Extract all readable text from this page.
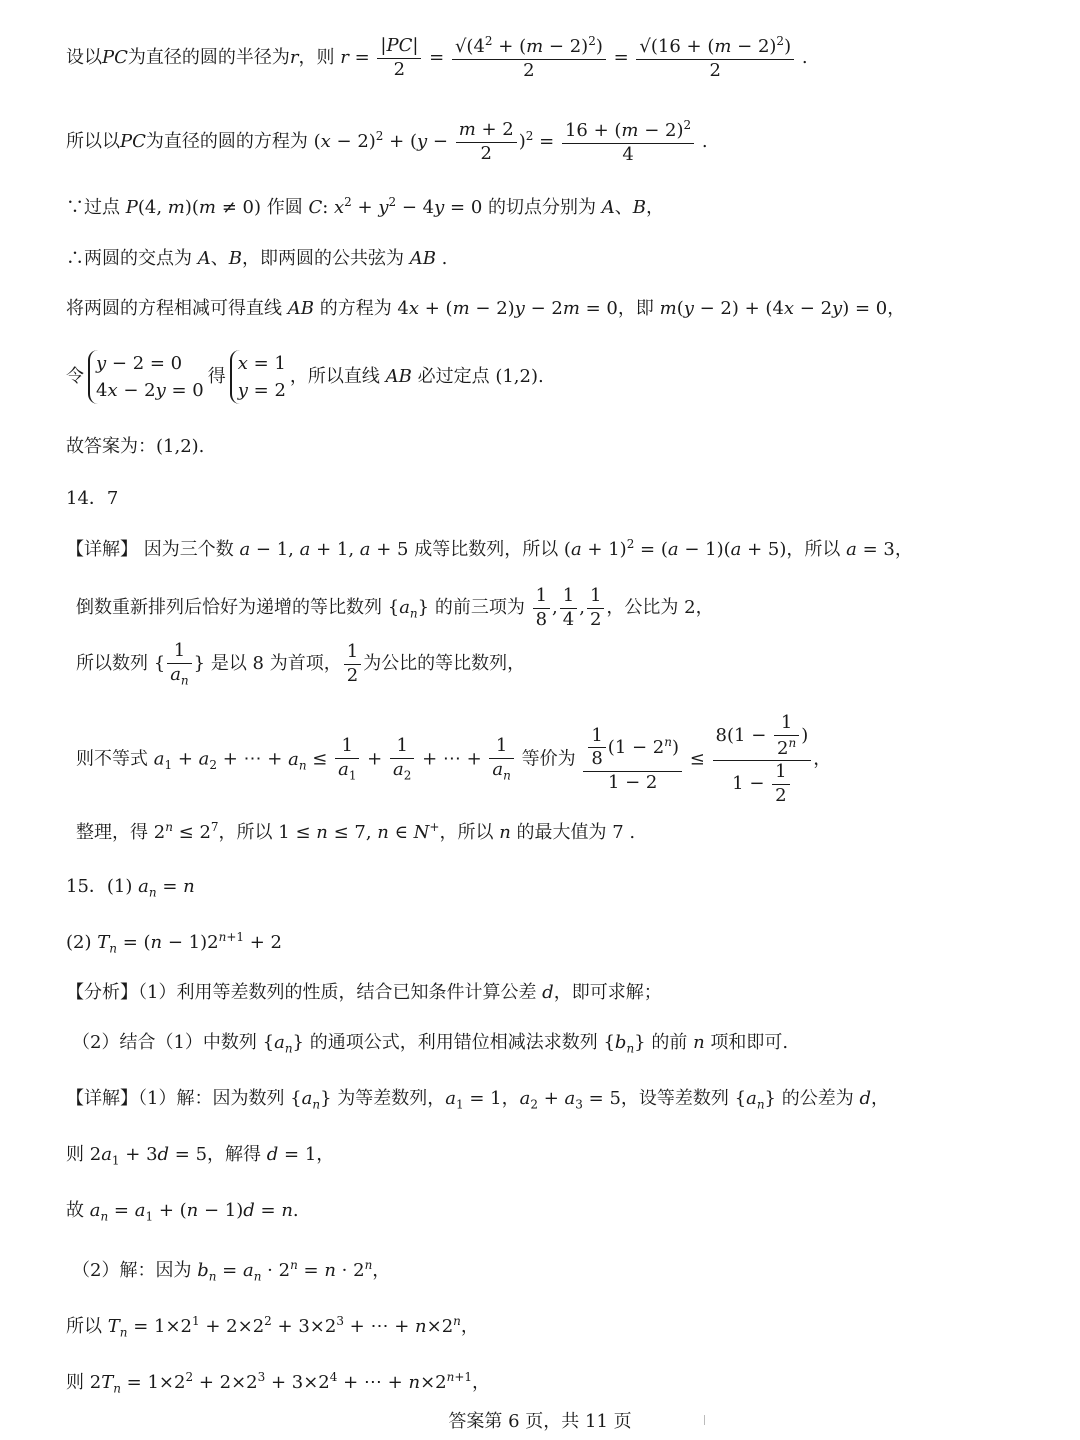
设以PC为直径的圆的半径为r，则 $r = \frac{|PC|}{2} = \frac{√(4^2 + (m - 2)^2)}{2} = \frac{√(16 + (m - 2)^2)}{2}$ .
所以以PC为直径的圆的方程为 $(x - 2)^2 + (y - \frac{m + 2}{2} )^2 = \frac{16 + (m - 2)^2}{4}$ .
∵过点 P(4, m)(m ≠ 0) 作圆 C: $x^2 + y^2 - 4y = 0$ 的切点分别为 A、B，
∴两圆的交点为 A、B，即两圆的公共弦为 AB .
将两圆的方程相减可得直线 AB 的方程为 4x + (m − 2)y − 2m = 0，即 m(y − 2) + (4x − 2y) = 0，
令y − 2 = 0
4x − 2y = 0得x = 1
y = 2，所以直线 AB 必过定点 (1,2).
故答案为：(1,2).
14．7
【详解】 因为三个数 a − 1, a + 1, a + 5 成等比数列，所以 $(a + 1)^2 = (a - 1)(a + 5)$，所以 a = 3，
倒数重新排列后恰好为递增的等比数列 $\{a_n\}$ 的前三项为 $\frac{1}{8}$ , $\frac{1}{4}$ , $\frac{1}{2}$ ，公比为 2，
所以数列 { $\frac{1}{a_n}$ } 是以 8 为首项， $\frac{1}{2}$ 为公比的等比数列，
则不等式 $a_1 + a_2$ + ⋯ + $a_n \le \frac{1}{a_1} + \frac{1}{a_2}$ + ⋯ + $\frac{1}{a_n}$ 等价为 $\frac{\frac{1}{8} (1 - 2^n)}{1 - 2} \le \frac{8(1 - \frac{1}{2^n} )}{1 - \frac{1}{2}}$ ，
整理，得 $2^n \le 2^7$，所以 1 ≤ n ≤ 7, n ∈ N+，所以 n 的最大值为 7 .
15．(1) $a_n = n$
(2) $T_n = (n - 1)2^{n+1} + 2$
【分析】（1）利用等差数列的性质，结合已知条件计算公差 d，即可求解；
（2）结合（1）中数列 $\{a_n\}$ 的通项公式，利用错位相减法求数列 $\{b_n\}$ 的前 n 项和即可.
【详解】（1）解：因为数列 $\{a_n\}$ 为等差数列，$a_1 = 1$，$a_2 + a_3 = 5$，设等差数列 $\{a_n\}$ 的公差为 d，
则 $2a_1 + 3d = 5$，解得 d = 1，
故 $a_n = a_1 + (n - 1)d = n$.
（2）解：因为 $b_n = a_n \cdot 2^n = n \cdot 2^n$，
所以 $T_n = 1\times 2^1 + 2\times 2^2 + 3\times 2^3$ + ⋯ + $n\times 2^n$，
则 $2T_n = 1\times 2^2 + 2\times 2^3 + 3\times 2^4$ + ⋯ + $n\times 2^{n+1}$，
答案第 6 页，共 11 页
